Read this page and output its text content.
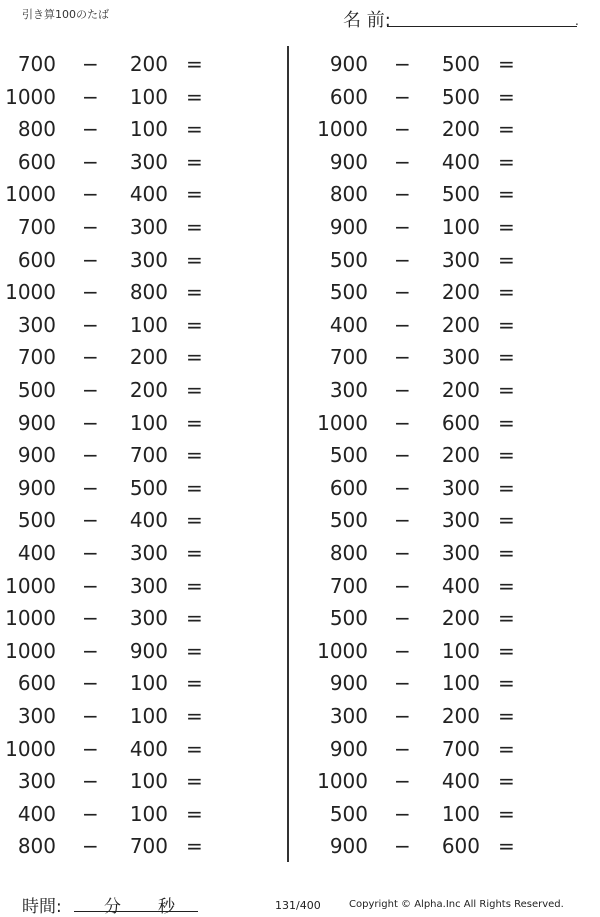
引き算100のたば	名 前:	.
700 −	200 =
1000 −	100 =
800 −	100 =
600 −	300 =
1000 −	400 =
700 −	300 =
600 −	300 =
1000 −	800 =
300 −	100 =
700 −	200 =
500 −	200 =
900 −	100 =
900 −	700 =
900 −	500 =
500 −	400 =
400 −	300 =
1000 −	300 =
1000 −	300 =
1000 −	900 =
600 −	100 =
300 −	100 =
1000 −	400 =
300 −	100 =
400 −	100 =
800 −	700 =
900 −	500 =
600 −	500 =
1000 −	200 =
900 −	400 =
800 −	500 =
900 −	100 =
500 −	300 =
500 −	200 =
400 −	200 =
700 −	300 =
300 −	200 =
1000 −	600 =
500 −	200 =
600 −	300 =
500 −	300 =
800 −	300 =
700 −	400 =
500 −	200 =
1000 −	100 =
900 −	100 =
300 −	200 =
900 −	700 =
1000 −	400 =
500 −	100 =
900 −	600 =
時間: 分 秒	131/400	Copyright © Alpha.Inc All Rights Reserved.
